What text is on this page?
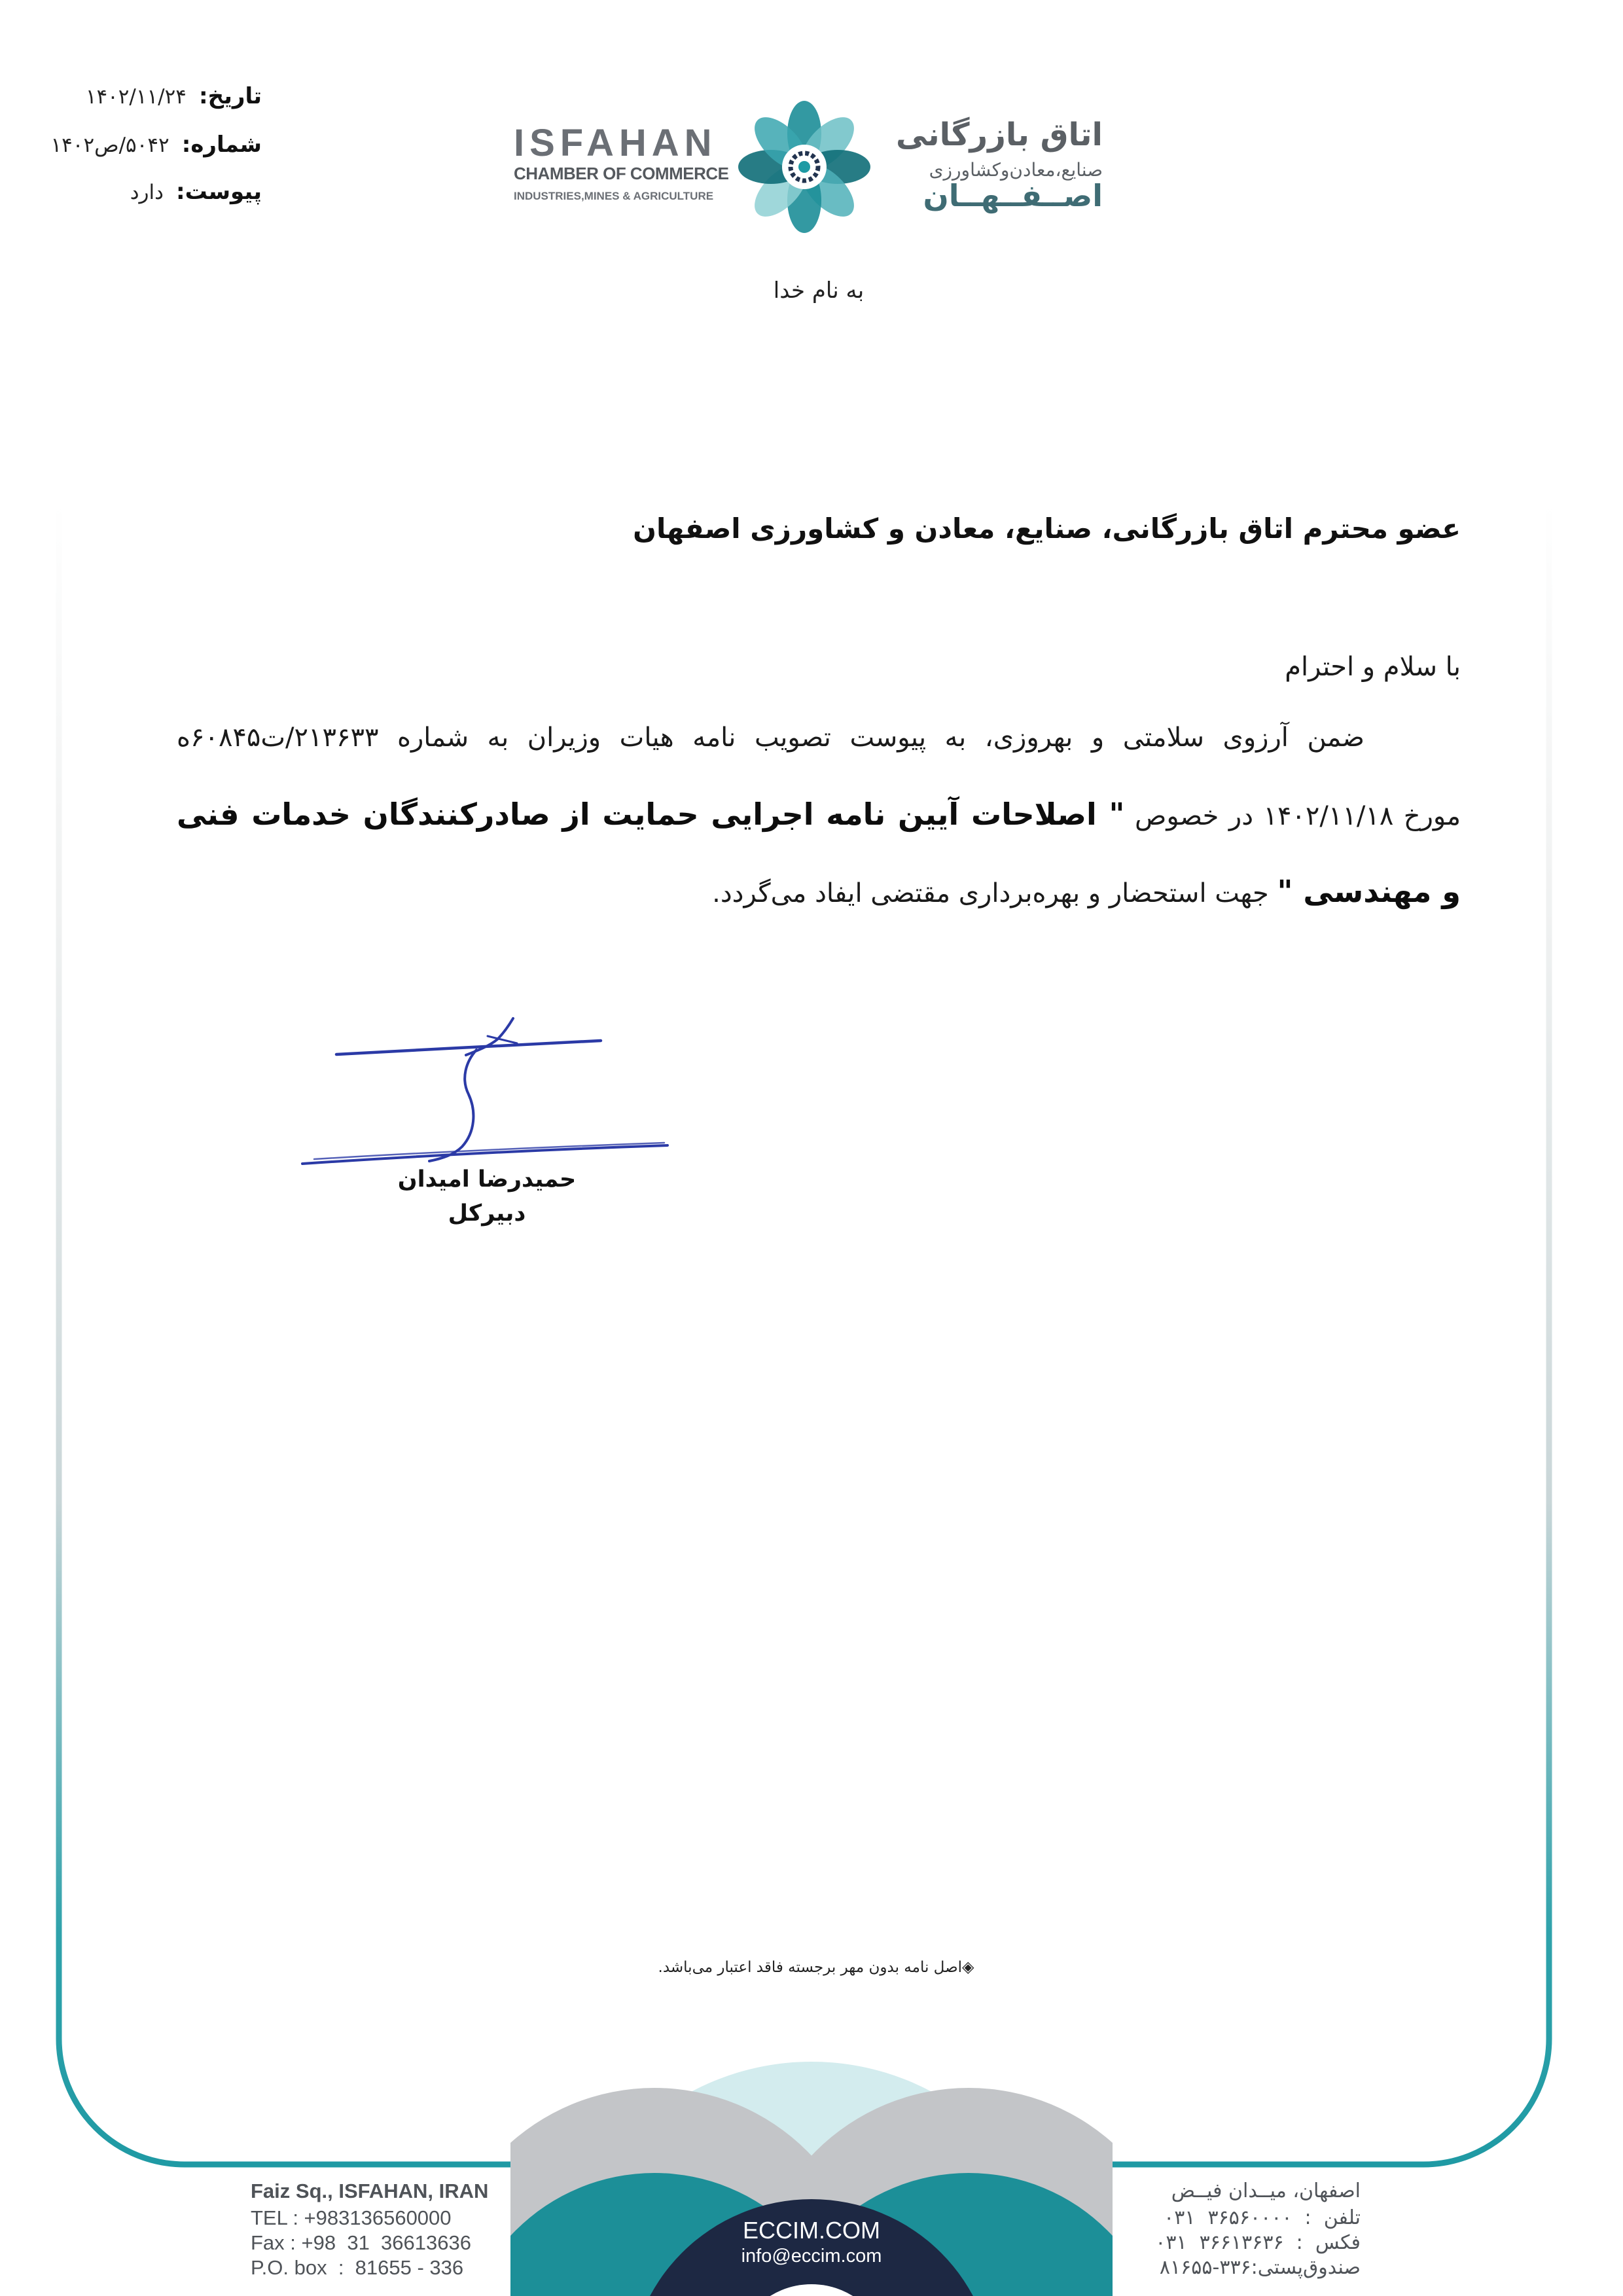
تاریخ: ۱۴۰۲/۱۱/۲۴
شماره: ۵۰۴۲/ص۱۴۰۲
پیوست: دارد
ISFAHAN
CHAMBER OF COMMERCE
INDUSTRIES,MINES & AGRICULTURE
اتاق بازرگانی
صنایع،معادن‌وکشاورزی
اصــفــهــان
به نام خدا
عضو محترم اتاق بازرگانی، صنایع، معادن و کشاورزی اصفهان
با سلام و احترام
ضمن آرزوی سلامتی و بهروزی، به پیوست تصویب نامه هیات وزیران به شماره ۲۱۳۶۳۳/ت۶۰۸۴۵ه
مورخ ۱۴۰۲/۱۱/۱۸ در خصوص " اصلاحات آیین نامه اجرایی حمایت از صادرکنندگان خدمات فنی
و مهندسی " جهت استحضار و بهره‌برداری مقتضی ایفاد می‌گردد.
حمیدرضا امیدان
دبیرکل
◈ اصل نامه بدون مهر برجسته فاقد اعتبار می‌باشد.
ECCIM.COM
info@eccim.com
Faiz Sq., ISFAHAN, IRAN
TEL : +983136560000
Fax : +98  31  36613636
P.O. box  :  81655 - 336
اصفهان، میــدان فیــض
تلفن  :  ۳۶۵۶۰۰۰۰  ۰۳۱
فکس  :  ۳۶۶۱۳۶۳۶  ۰۳۱
صندوق‌پستی:۳۳۶-۸۱۶۵۵
